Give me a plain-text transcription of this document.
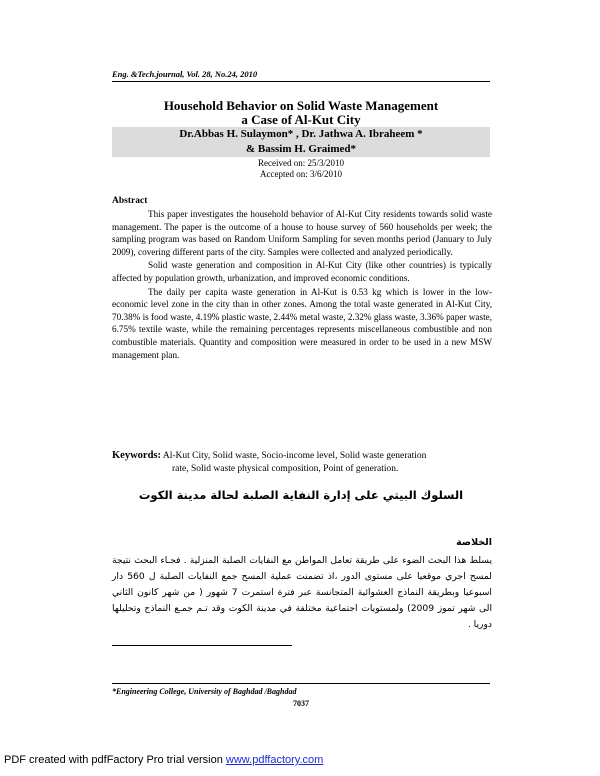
Eng. &Tech.journal, Vol. 28, No.24, 2010
Household Behavior on Solid Waste Management
a Case of Al-Kut City
Dr.Abbas H. Sulaymon* , Dr. Jathwa A. Ibraheem *
& Bassim H. Graimed*
Received on: 25/3/2010
Accepted on: 3/6/2010
Abstract

This paper investigates the household behavior of Al-Kut City residents towards solid waste management. The paper is the outcome of a house to house survey of 560 households per week; the sampling program was based on Random Uniform Sampling for seven months period (January to July 2009), covering different parts of the city. Samples were collected and analyzed periodically.

Solid waste generation and composition in Al-Kut City (like other countries) is typically affected by population growth, urbanization, and improved economic conditions.

The daily per capita waste generation in Al-Kut is 0.53 kg which is lower in the low- economic level zone in the city than in other zones. Among the total waste generated in Al-Kut City, 70.38% is food waste, 4.19% plastic waste, 2.44% metal waste, 2.32% glass waste, 3.36% paper waste, 6.75% textile waste, while the remaining percentages represents miscellaneous combustible and non combustible materials. Quantity and composition were measured in order to be used in a new MSW management plan.

Keywords: Al-Kut City, Solid waste, Socio-income level, Solid waste generation
rate, Solid waste physical composition, Point of generation.
السلوك البيتي على إدارة النفاية الصلبة لحالة مدينة الكوت
الخلاصة
يسلط هذا البحث الضوء على طريقة تعامل المواطن مع النفايات الصلبة المنزلية . فجـاء البحث نتيجة لمسح اجري موقعيا على مستوى الدور ،اذ تضمنت عملية المسح جمع النفايات الصلبة ل 560 دار اسبوعيا وبطريقة النماذج العشوائية المتجانسة عبر فترة استمرت 7 شهور ( من شهر كانون الثاني الى شهر تموز 2009) ولمستويات اجتماعية مختلفة في مدينة الكوت وقد تـم جمـع النماذج وتحليلها دوريا .
*Engineering College, University of Baghdad /Baghdad
7037
PDF created with pdfFactory Pro trial version www.pdffactory.com
